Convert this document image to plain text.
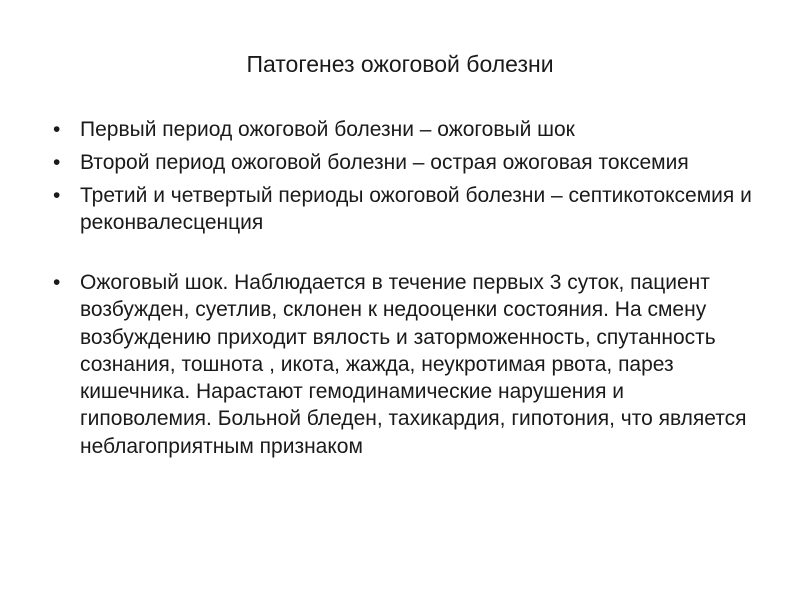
Патогенез ожоговой болезни
• Первый период ожоговой болезни – ожоговый шок
• Второй период ожоговой болезни – острая ожоговая токсемия
• Третий и четвертый периоды ожоговой болезни – септикотоксемия и реконвалесценция
• Ожоговый шок. Наблюдается в течение первых 3 суток, пациент возбужден, суетлив, склонен к недооценки состояния. На смену возбуждению приходит вялость и заторможенность, спутанность сознания, тошнота , икота, жажда, неукротимая рвота, парез кишечника. Нарастают гемодинамические нарушения и гиповолемия. Больной бледен, тахикардия, гипотония, что является неблагоприятным признаком
